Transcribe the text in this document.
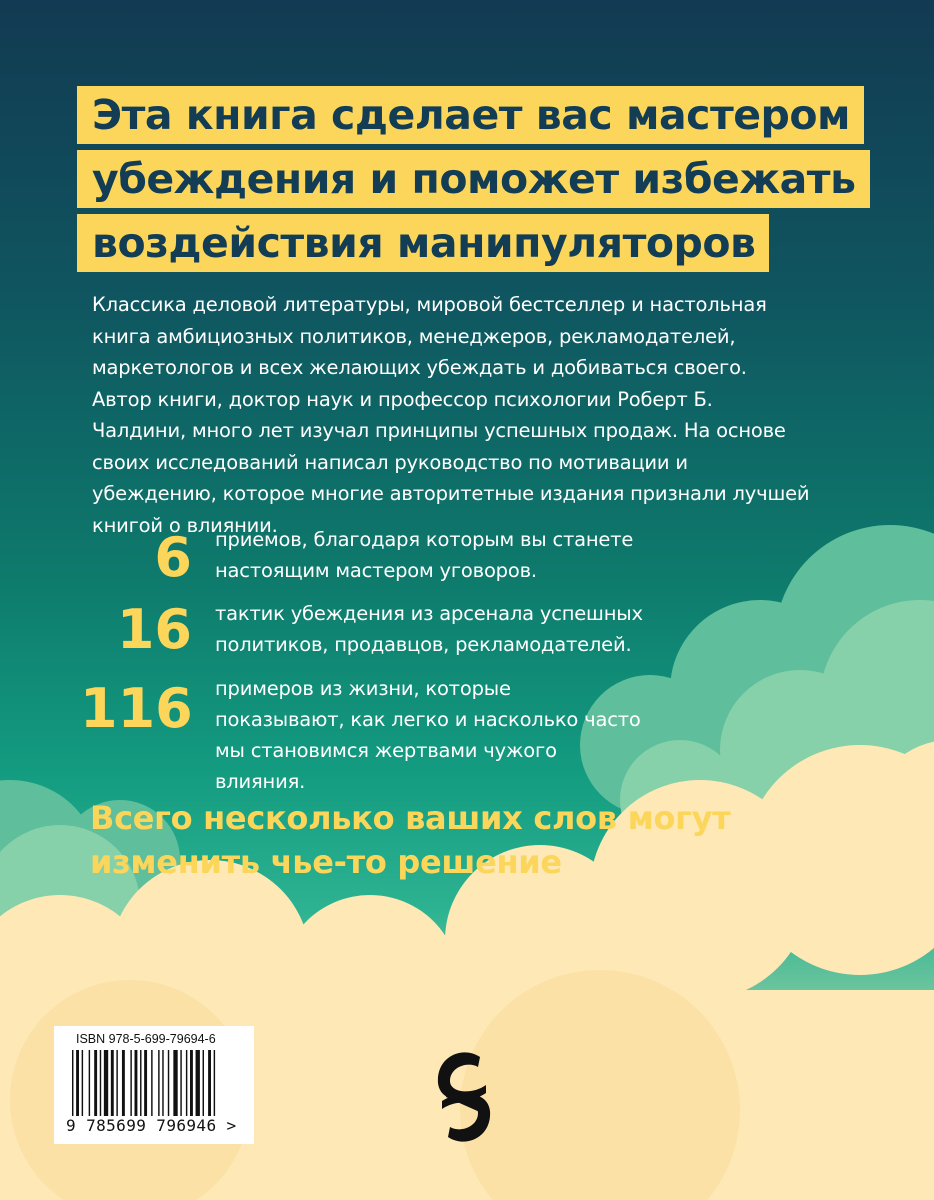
Эта книга сделает вас мастером
убеждения и поможет избежать
воздействия манипуляторов
Классика деловой литературы, мировой бестселлер и настольная книга амбициозных политиков, менеджеров, рекламодателей, маркетологов и всех желающих убеждать и добиваться своего. Автор книги, доктор наук и профессор психологии Роберт Б. Чалдини, много лет изучал принципы успешных продаж. На основе своих исследований написал руководство по мотивации и убеждению, которое многие авторитетные издания признали лучшей книгой о влиянии.
6 приемов, благодаря которым вы станете настоящим мастером уговоров.
16 тактик убеждения из арсенала успешных политиков, продавцов, рекламодателей.
116 примеров из жизни, которые показывают, как легко и насколько часто мы становимся жертвами чужого влияния.
Всего несколько ваших слов могут изменить чье-то решение
ISBN 978-5-699-79694-6
9 785699 796946 >
